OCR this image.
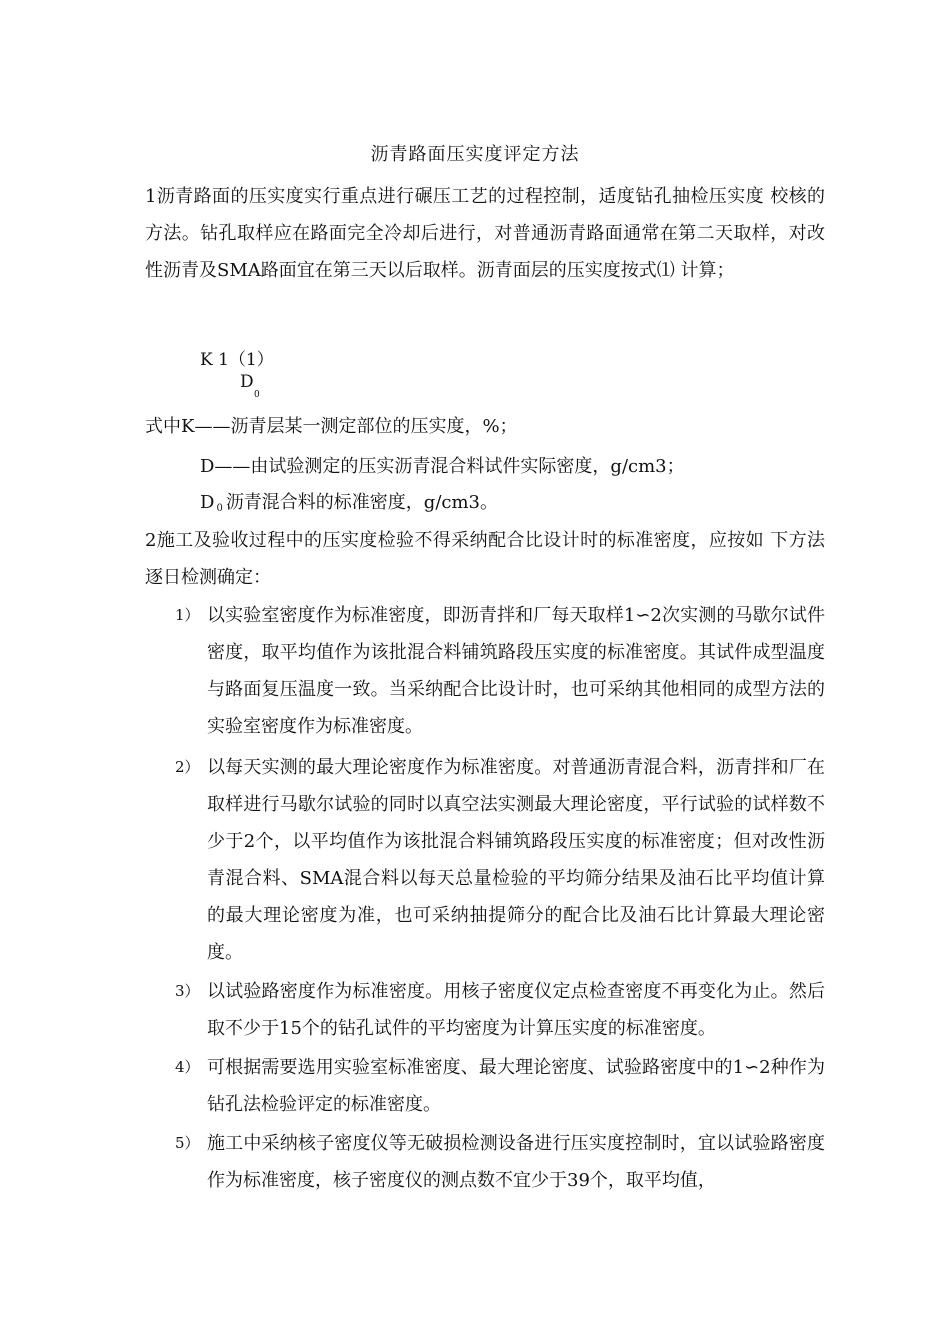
沥青路面压实度评定方法
1沥青路面的压实度实行重点进行碾压工艺的过程控制，适度钻孔抽检压实度 校核的方法。钻孔取样应在路面完全冷却后进行，对普通沥青路面通常在第二天取样，对改性沥青及SMA路面宜在第三天以后取样。沥青面层的压实度按式⑴ 计算；
K 1（1）
D
0
式中K——沥青层某一测定部位的压实度，%；
D——由试验测定的压实沥青混合料试件实际密度，g/cm3；
D 0 沥青混合料的标准密度，g/cm3。
2施工及验收过程中的压实度检验不得采纳配合比设计时的标准密度，应按如 下方法逐日检测确定：
1） 以实验室密度作为标准密度，即沥青拌和厂每天取样1∽2次实测的马歇尔试件密度，取平均值作为该批混合料铺筑路段压实度的标准密度。其试件成型温度与路面复压温度一致。当采纳配合比设计时，也可采纳其他相同的成型方法的实验室密度作为标准密度。
2） 以每天实测的最大理论密度作为标准密度。对普通沥青混合料，沥青拌和厂在取样进行马歇尔试验的同时以真空法实测最大理论密度，平行试验的试样数不少于2个，以平均值作为该批混合料铺筑路段压实度的标准密度；但对改性沥青混合料、SMA混合料以每天总量检验的平均筛分结果及油石比平均值计算的最大理论密度为准，也可采纳抽提筛分的配合比及油石比计算最大理论密度。
3） 以试验路密度作为标准密度。用核子密度仪定点检查密度不再变化为止。然后取不少于15个的钻孔试件的平均密度为计算压实度的标准密度。
4） 可根据需要选用实验室标准密度、最大理论密度、试验路密度中的1∽2种作为钻孔法检验评定的标准密度。
5） 施工中采纳核子密度仪等无破损检测设备进行压实度控制时，宜以试验路密度作为标准密度，核子密度仪的测点数不宜少于39个，取平均值，
